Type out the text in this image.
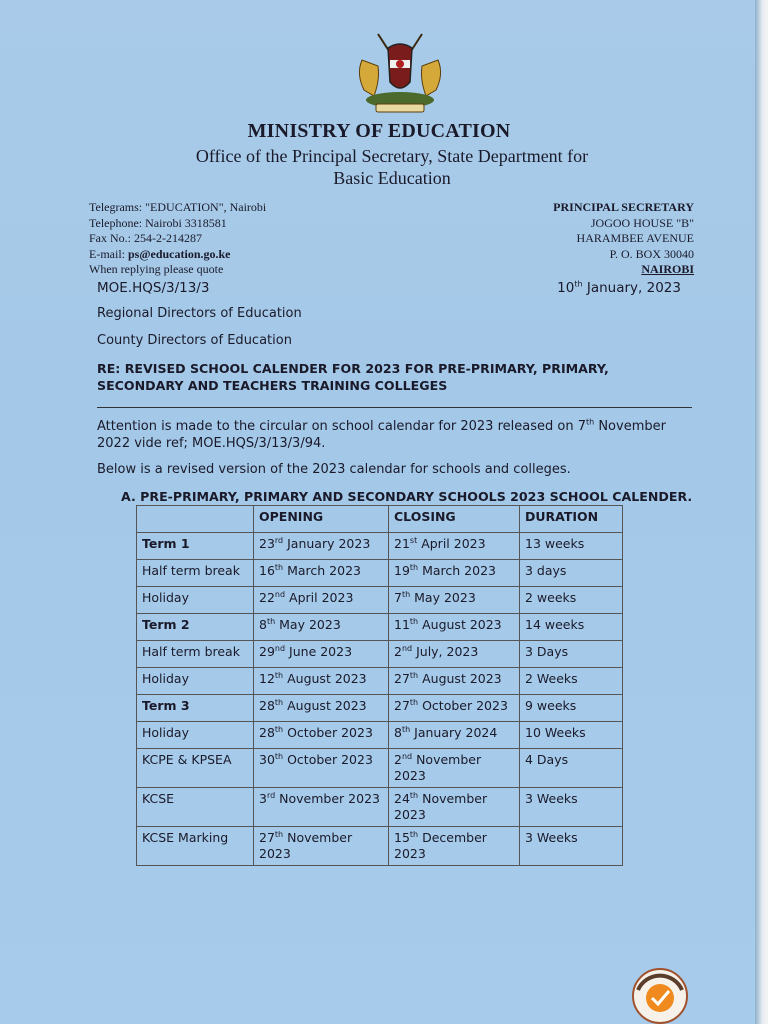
MINISTRY OF EDUCATION
Office of the Principal Secretary, State Department for
Basic Education
Telegrams: "EDUCATION", Nairobi
Telephone: Nairobi 3318581
Fax No.: 254-2-214287
E-mail: ps@education.go.ke
When replying please quote
PRINCIPAL SECRETARY
JOGOO HOUSE "B"
HARAMBEE AVENUE
P. O. BOX 30040
NAIROBI
MOE.HQS/3/13/3	10th January, 2023
Regional Directors of Education
County Directors of Education
RE: REVISED SCHOOL CALENDER FOR 2023 FOR PRE-PRIMARY, PRIMARY, SECONDARY AND TEACHERS TRAINING COLLEGES
Attention is made to the circular on school calendar for 2023 released on 7th November 2022 vide ref; MOE.HQS/3/13/3/94.
Below is a revised version of the 2023 calendar for schools and colleges.
A. PRE-PRIMARY, PRIMARY AND SECONDARY SCHOOLS 2023 SCHOOL CALENDER.
	OPENING	CLOSING	DURATION
Term 1	23rd January 2023	21st April 2023	13 weeks
Half term break	16th March 2023	19th March 2023	3 days
Holiday	22nd April 2023	7th May 2023	2 weeks
Term 2	8th May 2023	11th August 2023	14 weeks
Half term break	29nd June 2023	2nd July, 2023	3 Days
Holiday	12th August 2023	27th August 2023	2 Weeks
Term 3	28th August 2023	27th October 2023	9 weeks
Holiday	28th October 2023	8th January 2024	10 Weeks
KCPE & KPSEA	30th October 2023	2nd November 2023	4 Days
KCSE	3rd November 2023	24th November 2023	3 Weeks
KCSE Marking	27th November 2023	15th December 2023	3 Weeks
